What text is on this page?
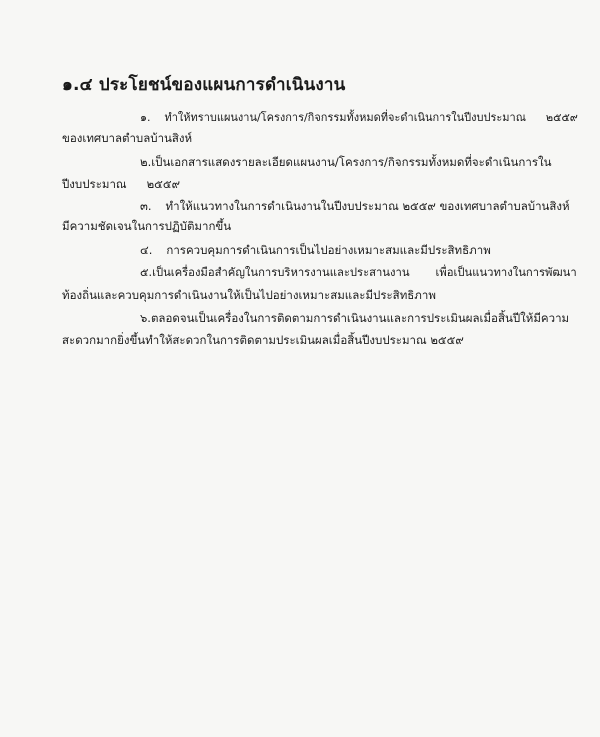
๑.๔ ประโยชน์ของแผนการดำเนินงาน
๑. ทำให้ทราบแผนงาน/โครงการ/กิจกรรมทั้งหมดที่จะดำเนินการในปีงบประมาณ ๒๕๕๙
ของเทศบาลตำบลบ้านสิงห์
๒.เป็นเอกสารแสดงรายละเอียดแผนงาน/โครงการ/กิจกรรมทั้งหมดที่จะดำเนินการใน
ปีงบประมาณ ๒๕๕๙
๓. ทำให้แนวทางในการดำเนินงานในปีงบประมาณ ๒๕๕๙ ของเทศบาลตำบลบ้านสิงห์
มีความชัดเจนในการปฏิบัติมากขึ้น
๔. การควบคุมการดำเนินการเป็นไปอย่างเหมาะสมและมีประสิทธิภาพ
๕.เป็นเครื่องมือสำคัญในการบริหารงานและประสานงาน เพื่อเป็นแนวทางในการพัฒนา
ท้องถิ่นและควบคุมการดำเนินงานให้เป็นไปอย่างเหมาะสมและมีประสิทธิภาพ
๖.ตลอดจนเป็นเครื่องในการติดตามการดำเนินงานและการประเมินผลเมื่อสิ้นปีให้มีความ
สะดวกมากยิ่งขึ้นทำให้สะดวกในการติดตามประเมินผลเมื่อสิ้นปีงบประมาณ ๒๕๕๙
